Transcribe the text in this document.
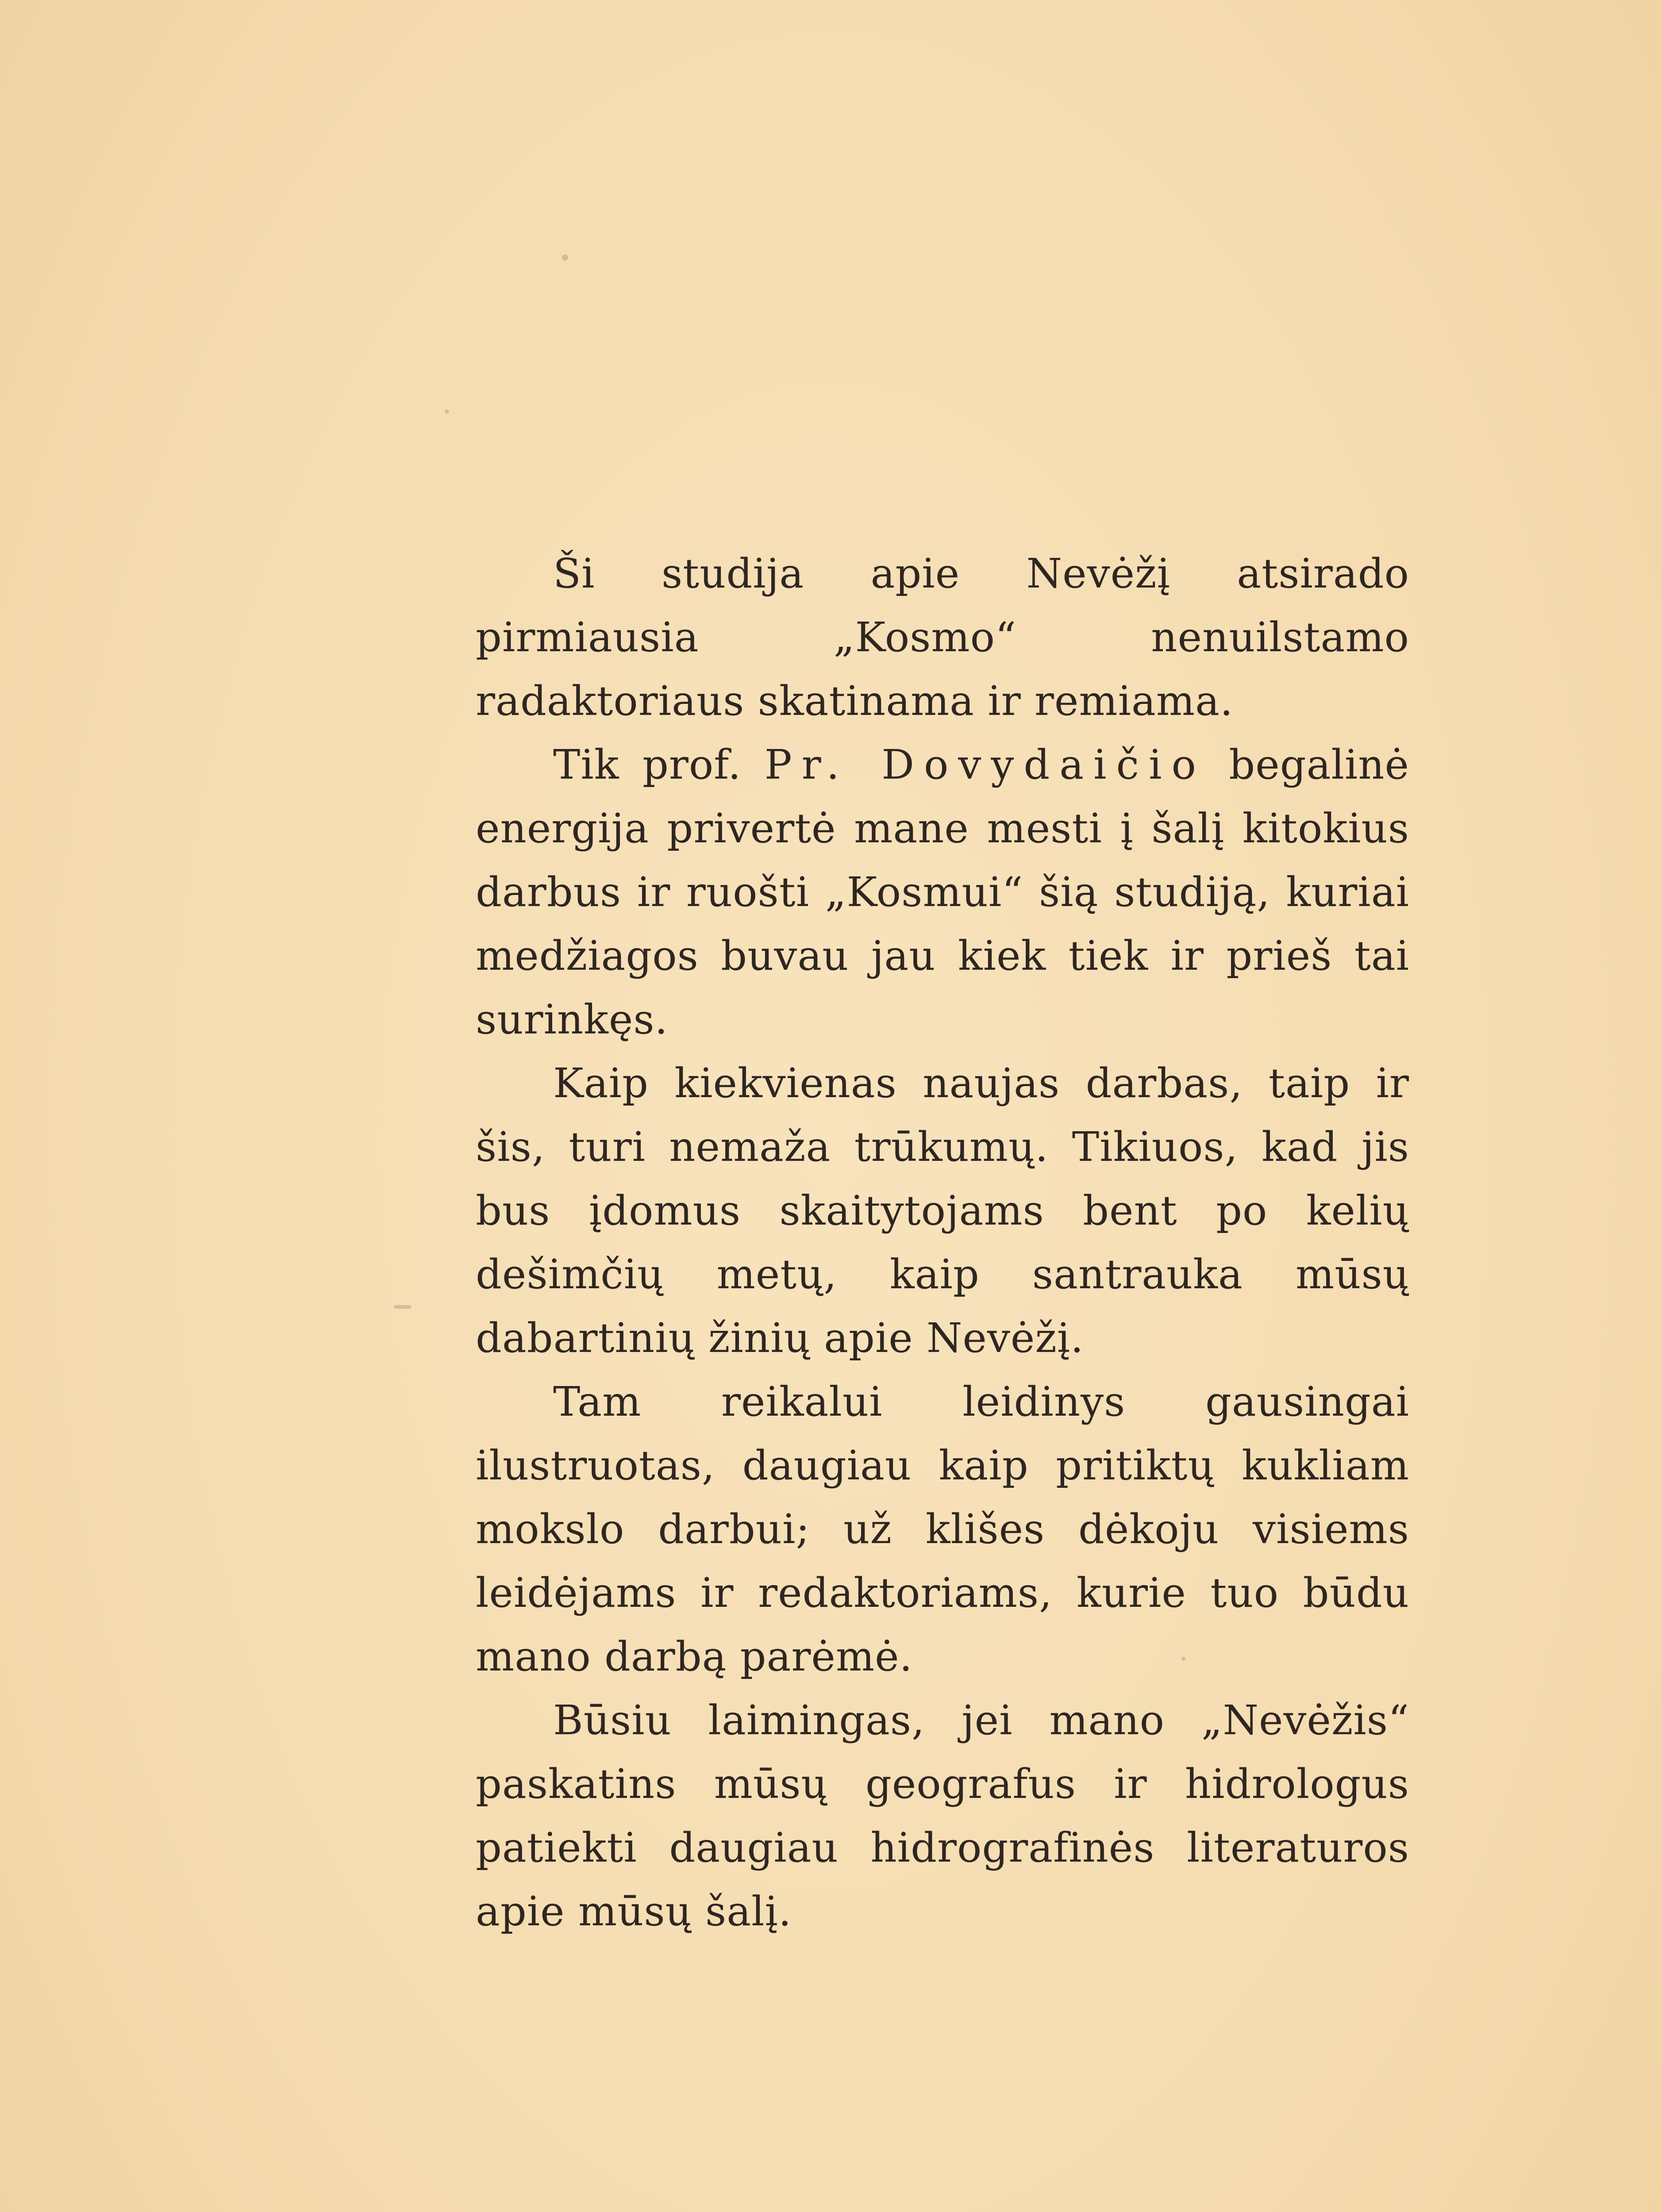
Ši studija apie Nevėžį atsirado pirmiausia „Kosmo“ nenuilstamo radaktoriaus skatinama ir remiama.

Tik prof. Pr. Dovydaičio begalinė energija privertė mane mesti į šalį kitokius darbus ir ruošti „Kosmui“ šią studiją, kuriai medžiagos buvau jau kiek tiek ir prieš tai surinkęs.

Kaip kiekvienas naujas darbas, taip ir šis, turi nemaža trūkumų. Tikiuos, kad jis bus įdomus skaitytojams bent po kelių dešimčių metų, kaip santrauka mūsų dabartinių žinių apie Nevėžį.

Tam reikalui leidinys gausingai ilustruotas, daugiau kaip pritiktų kukliam mokslo darbui; už klišes dėkoju visiems leidėjams ir redaktoriams, kurie tuo būdu mano darbą parėmė.

Būsiu laimingas, jei mano „Nevėžis“ paskatins mūsų geografus ir hidrologus patiekti daugiau hidrografinės literaturos apie mūsų šalį.
